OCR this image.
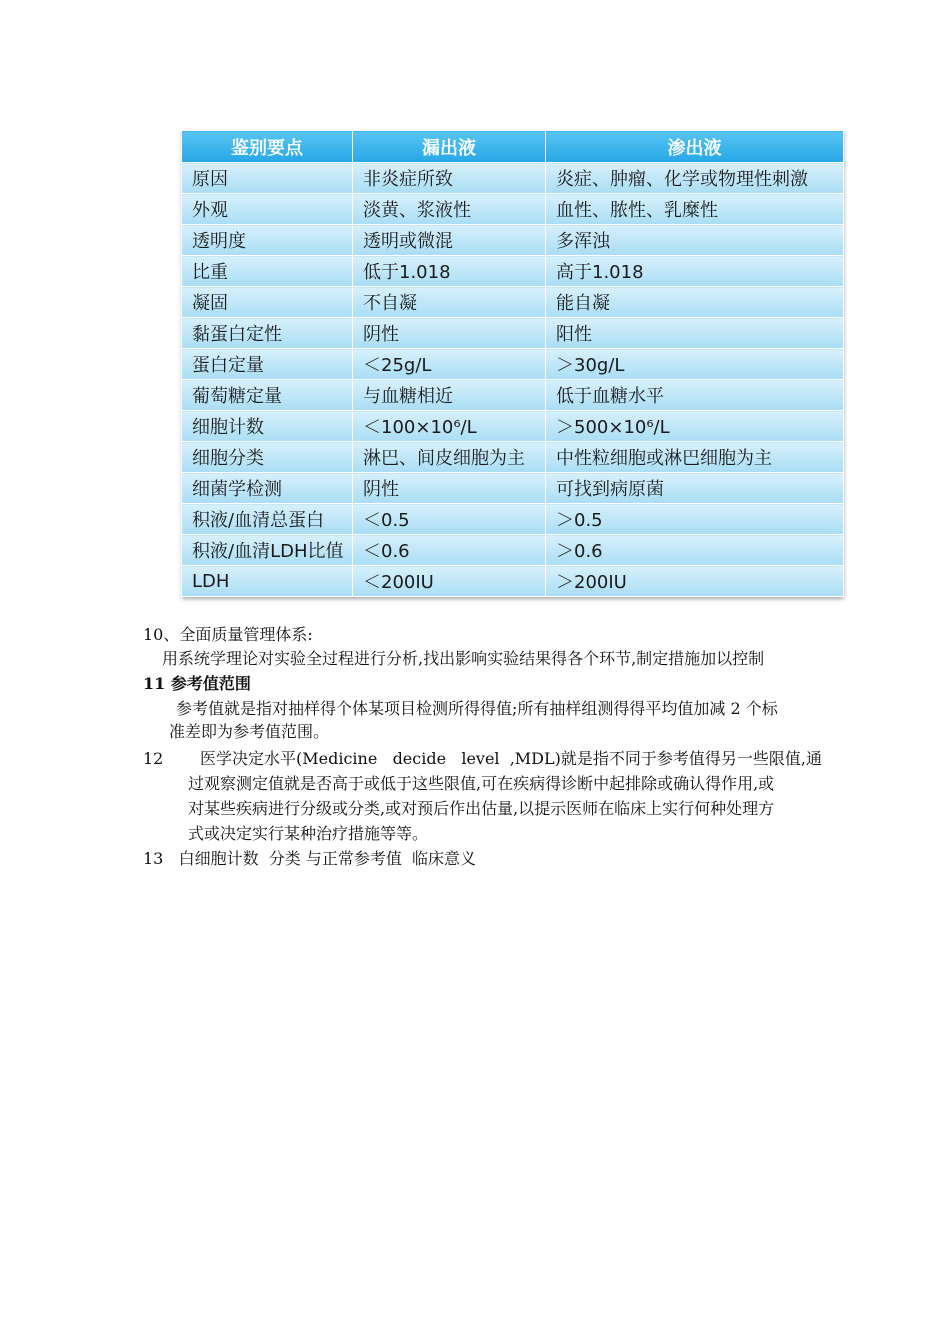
鉴别要点	漏出液	渗出液
原因	非炎症所致	炎症、肿瘤、化学或物理性刺激
外观	淡黄、浆液性	血性、脓性、乳糜性
透明度	透明或微混	多浑浊
比重	低于1.018	高于1.018
凝固	不自凝	能自凝
黏蛋白定性	阴性	阳性
蛋白定量	＜25g/L	＞30g/L
葡萄糖定量	与血糖相近	低于血糖水平
细胞计数	＜100×10⁶/L	＞500×10⁶/L
细胞分类	淋巴、间皮细胞为主	中性粒细胞或淋巴细胞为主
细菌学检测	阴性	可找到病原菌
积液/血清总蛋白	＜0.5	＞0.5
积液/血清LDH比值	＜0.6	＞0.6
LDH	＜200IU	＞200IU
10、全面质量管理体系:
用系统学理论对实验全过程进行分析,找出影响实验结果得各个环节,制定措施加以控制
11 参考值范围
参考值就是指对抽样得个体某项目检测所得得值;所有抽样组测得得平均值加减 2 个标
准差即为参考值范围。
12 医学决定水平(Medicine   decide   level  ,MDL)就是指不同于参考值得另一些限值,通
过观察测定值就是否高于或低于这些限值,可在疾病得诊断中起排除或确认得作用,或
对某些疾病进行分级或分类,或对预后作出估量,以提示医师在临床上实行何种处理方
式或决定实行某种治疗措施等等。
13   白细胞计数  分类 与正常参考值  临床意义
